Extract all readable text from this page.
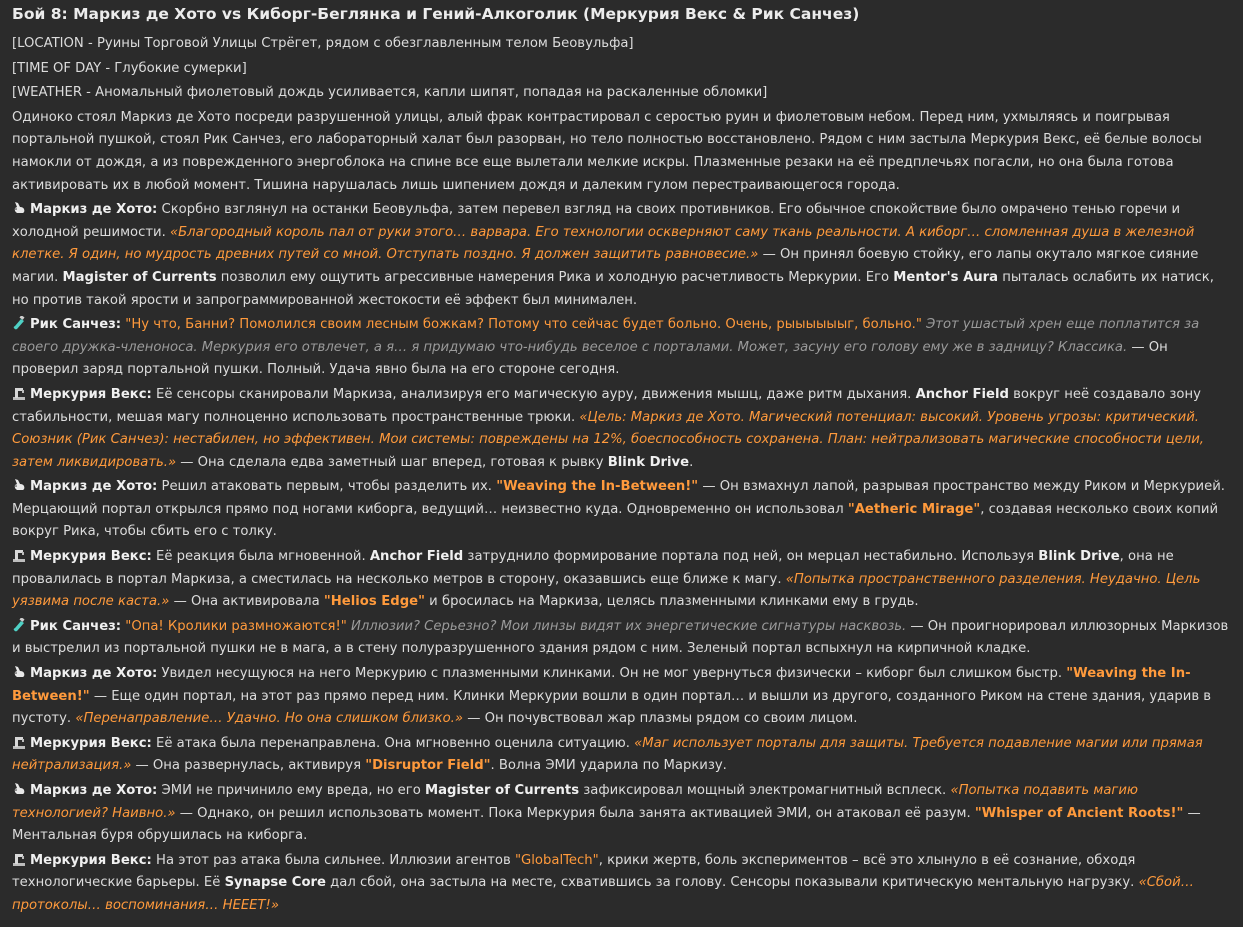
Бой 8: Маркиз де Хото vs Киборг-Беглянка и Гений-Алкоголик (Меркурия Векс & Рик Санчез)

[LOCATION - Руины Торговой Улицы Стрёгет, рядом с обезглавленным телом Беовульфа]

[TIME OF DAY - Глубокие сумерки]

[WEATHER - Аномальный фиолетовый дождь усиливается, капли шипят, попадая на раскаленные обломки]

Одиноко стоял Маркиз де Хото посреди разрушенной улицы, алый фрак контрастировал с серостью руин и фиолетовым небом. Перед ним, ухмыляясь и поигрывая портальной пушкой, стоял Рик Санчез, его лабораторный халат был разорван, но тело полностью восстановлено. Рядом с ним застыла Меркурия Векс, её белые волосы намокли от дождя, а из поврежденного энергоблока на спине все еще вылетали мелкие искры. Плазменные резаки на её предплечьях погасли, но она была готова активировать их в любой момент. Тишина нарушалась лишь шипением дождя и далеким гулом перестраивающегося города.

Маркиз де Хото: Скорбно взглянул на останки Беовульфа, затем перевел взгляд на своих противников. Его обычное спокойствие было омрачено тенью горечи и холодной решимости. «Благородный король пал от руки этого… варвара. Его технологии оскверняют саму ткань реальности. А киборг… сломленная душа в железной клетке. Я один, но мудрость древних путей со мной. Отступать поздно. Я должен защитить равновесие.» — Он принял боевую стойку, его лапы окутало мягкое сияние магии. Magister of Currents позволил ему ощутить агрессивные намерения Рика и холодную расчетливость Меркурии. Его Mentor's Aura пыталась ослабить их натиск, но против такой ярости и запрограммированной жестокости её эффект был минимален.

Рик Санчез: "Ну что, Банни? Помолился своим лесным божкам? Потому что сейчас будет больно. Очень, рыыыыыыг, больно." Этот ушастый хрен еще поплатится за своего дружка-членоноса. Меркурия его отвлечет, а я… я придумаю что-нибудь веселое с порталами. Может, засуну его голову ему же в задницу? Классика. — Он проверил заряд портальной пушки. Полный. Удача явно была на его стороне сегодня.

Меркурия Векс: Её сенсоры сканировали Маркиза, анализируя его магическую ауру, движения мышц, даже ритм дыхания. Anchor Field вокруг неё создавало зону стабильности, мешая магу полноценно использовать пространственные трюки. «Цель: Маркиз де Хото. Магический потенциал: высокий. Уровень угрозы: критический. Союзник (Рик Санчез): нестабилен, но эффективен. Мои системы: повреждены на 12%, боеспособность сохранена. План: нейтрализовать магические способности цели, затем ликвидировать.» — Она сделала едва заметный шаг вперед, готовая к рывку Blink Drive.

Маркиз де Хото: Решил атаковать первым, чтобы разделить их. "Weaving the In-Between!" — Он взмахнул лапой, разрывая пространство между Риком и Меркурией. Мерцающий портал открылся прямо под ногами киборга, ведущий… неизвестно куда. Одновременно он использовал "Aetheric Mirage", создавая несколько своих копий вокруг Рика, чтобы сбить его с толку.

Меркурия Векс: Её реакция была мгновенной. Anchor Field затруднило формирование портала под ней, он мерцал нестабильно. Используя Blink Drive, она не провалилась в портал Маркиза, а сместилась на несколько метров в сторону, оказавшись еще ближе к магу. «Попытка пространственного разделения. Неудачно. Цель уязвима после каста.» — Она активировала "Helios Edge" и бросилась на Маркиза, целясь плазменными клинками ему в грудь.

Рик Санчез: "Опа! Кролики размножаются!" Иллюзии? Серьезно? Мои линзы видят их энергетические сигнатуры насквозь. — Он проигнорировал иллюзорных Маркизов и выстрелил из портальной пушки не в мага, а в стену полуразрушенного здания рядом с ним. Зеленый портал вспыхнул на кирпичной кладке.

Маркиз де Хото: Увидел несущуюся на него Меркурию с плазменными клинками. Он не мог увернуться физически – киборг был слишком быстр. "Weaving the In-Between!" — Еще один портал, на этот раз прямо перед ним. Клинки Меркурии вошли в один портал… и вышли из другого, созданного Риком на стене здания, ударив в пустоту. «Перенаправление… Удачно. Но она слишком близко.» — Он почувствовал жар плазмы рядом со своим лицом.

Меркурия Векс: Её атака была перенаправлена. Она мгновенно оценила ситуацию. «Маг использует порталы для защиты. Требуется подавление магии или прямая нейтрализация.» — Она развернулась, активируя "Disruptor Field". Волна ЭМИ ударила по Маркизу.

Маркиз де Хото: ЭМИ не причинило ему вреда, но его Magister of Currents зафиксировал мощный электромагнитный всплеск. «Попытка подавить магию технологией? Наивно.» — Однако, он решил использовать момент. Пока Меркурия была занята активацией ЭМИ, он атаковал её разум. "Whisper of Ancient Roots!" — Ментальная буря обрушилась на киборга.

Меркурия Векс: На этот раз атака была сильнее. Иллюзии агентов "GlobalTech", крики жертв, боль экспериментов – всё это хлынуло в её сознание, обходя технологические барьеры. Её Synapse Core дал сбой, она застыла на месте, схватившись за голову. Сенсоры показывали критическую ментальную нагрузку. «Сбой… протоколы… воспоминания… НЕЕЕТ!»
